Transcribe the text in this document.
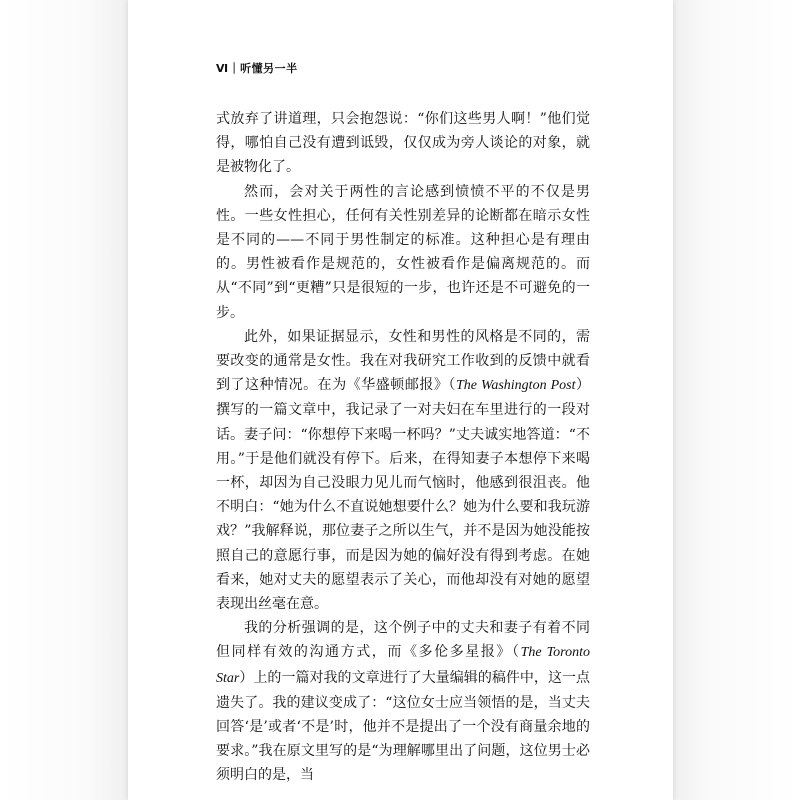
Ⅵ｜听懂另一半

式放弃了讲道理，只会抱怨说：“你们这些男人啊！”他们觉得，哪怕自己没有遭到诋毁，仅仅成为旁人谈论的对象，就是被物化了。

然而，会对关于两性的言论感到愤愤不平的不仅是男性。一些女性担心，任何有关性别差异的论断都在暗示女性是不同的——不同于男性制定的标准。这种担心是有理由的。男性被看作是规范的，女性被看作是偏离规范的。而从“不同”到“更糟”只是很短的一步，也许还是不可避免的一步。

此外，如果证据显示，女性和男性的风格是不同的，需要改变的通常是女性。我在对我研究工作收到的反馈中就看到了这种情况。在为《华盛顿邮报》（The Washington Post）撰写的一篇文章中，我记录了一对夫妇在车里进行的一段对话。妻子问：“你想停下来喝一杯吗？”丈夫诚实地答道：“不用。”于是他们就没有停下。后来，在得知妻子本想停下来喝一杯，却因为自己没眼力见儿而气恼时，他感到很沮丧。他不明白：“她为什么不直说她想要什么？她为什么要和我玩游戏？”我解释说，那位妻子之所以生气，并不是因为她没能按照自己的意愿行事，而是因为她的偏好没有得到考虑。在她看来，她对丈夫的愿望表示了关心，而他却没有对她的愿望表现出丝毫在意。

我的分析强调的是，这个例子中的丈夫和妻子有着不同但同样有效的沟通方式，而《多伦多星报》（The Toronto Star）上的一篇对我的文章进行了大量编辑的稿件中，这一点遗失了。我的建议变成了：“这位女士应当领悟的是，当丈夫回答‘是’或者‘不是’时，他并不是提出了一个没有商量余地的要求。”我在原文里写的是“为理解哪里出了问题，这位男士必须明白的是，当
